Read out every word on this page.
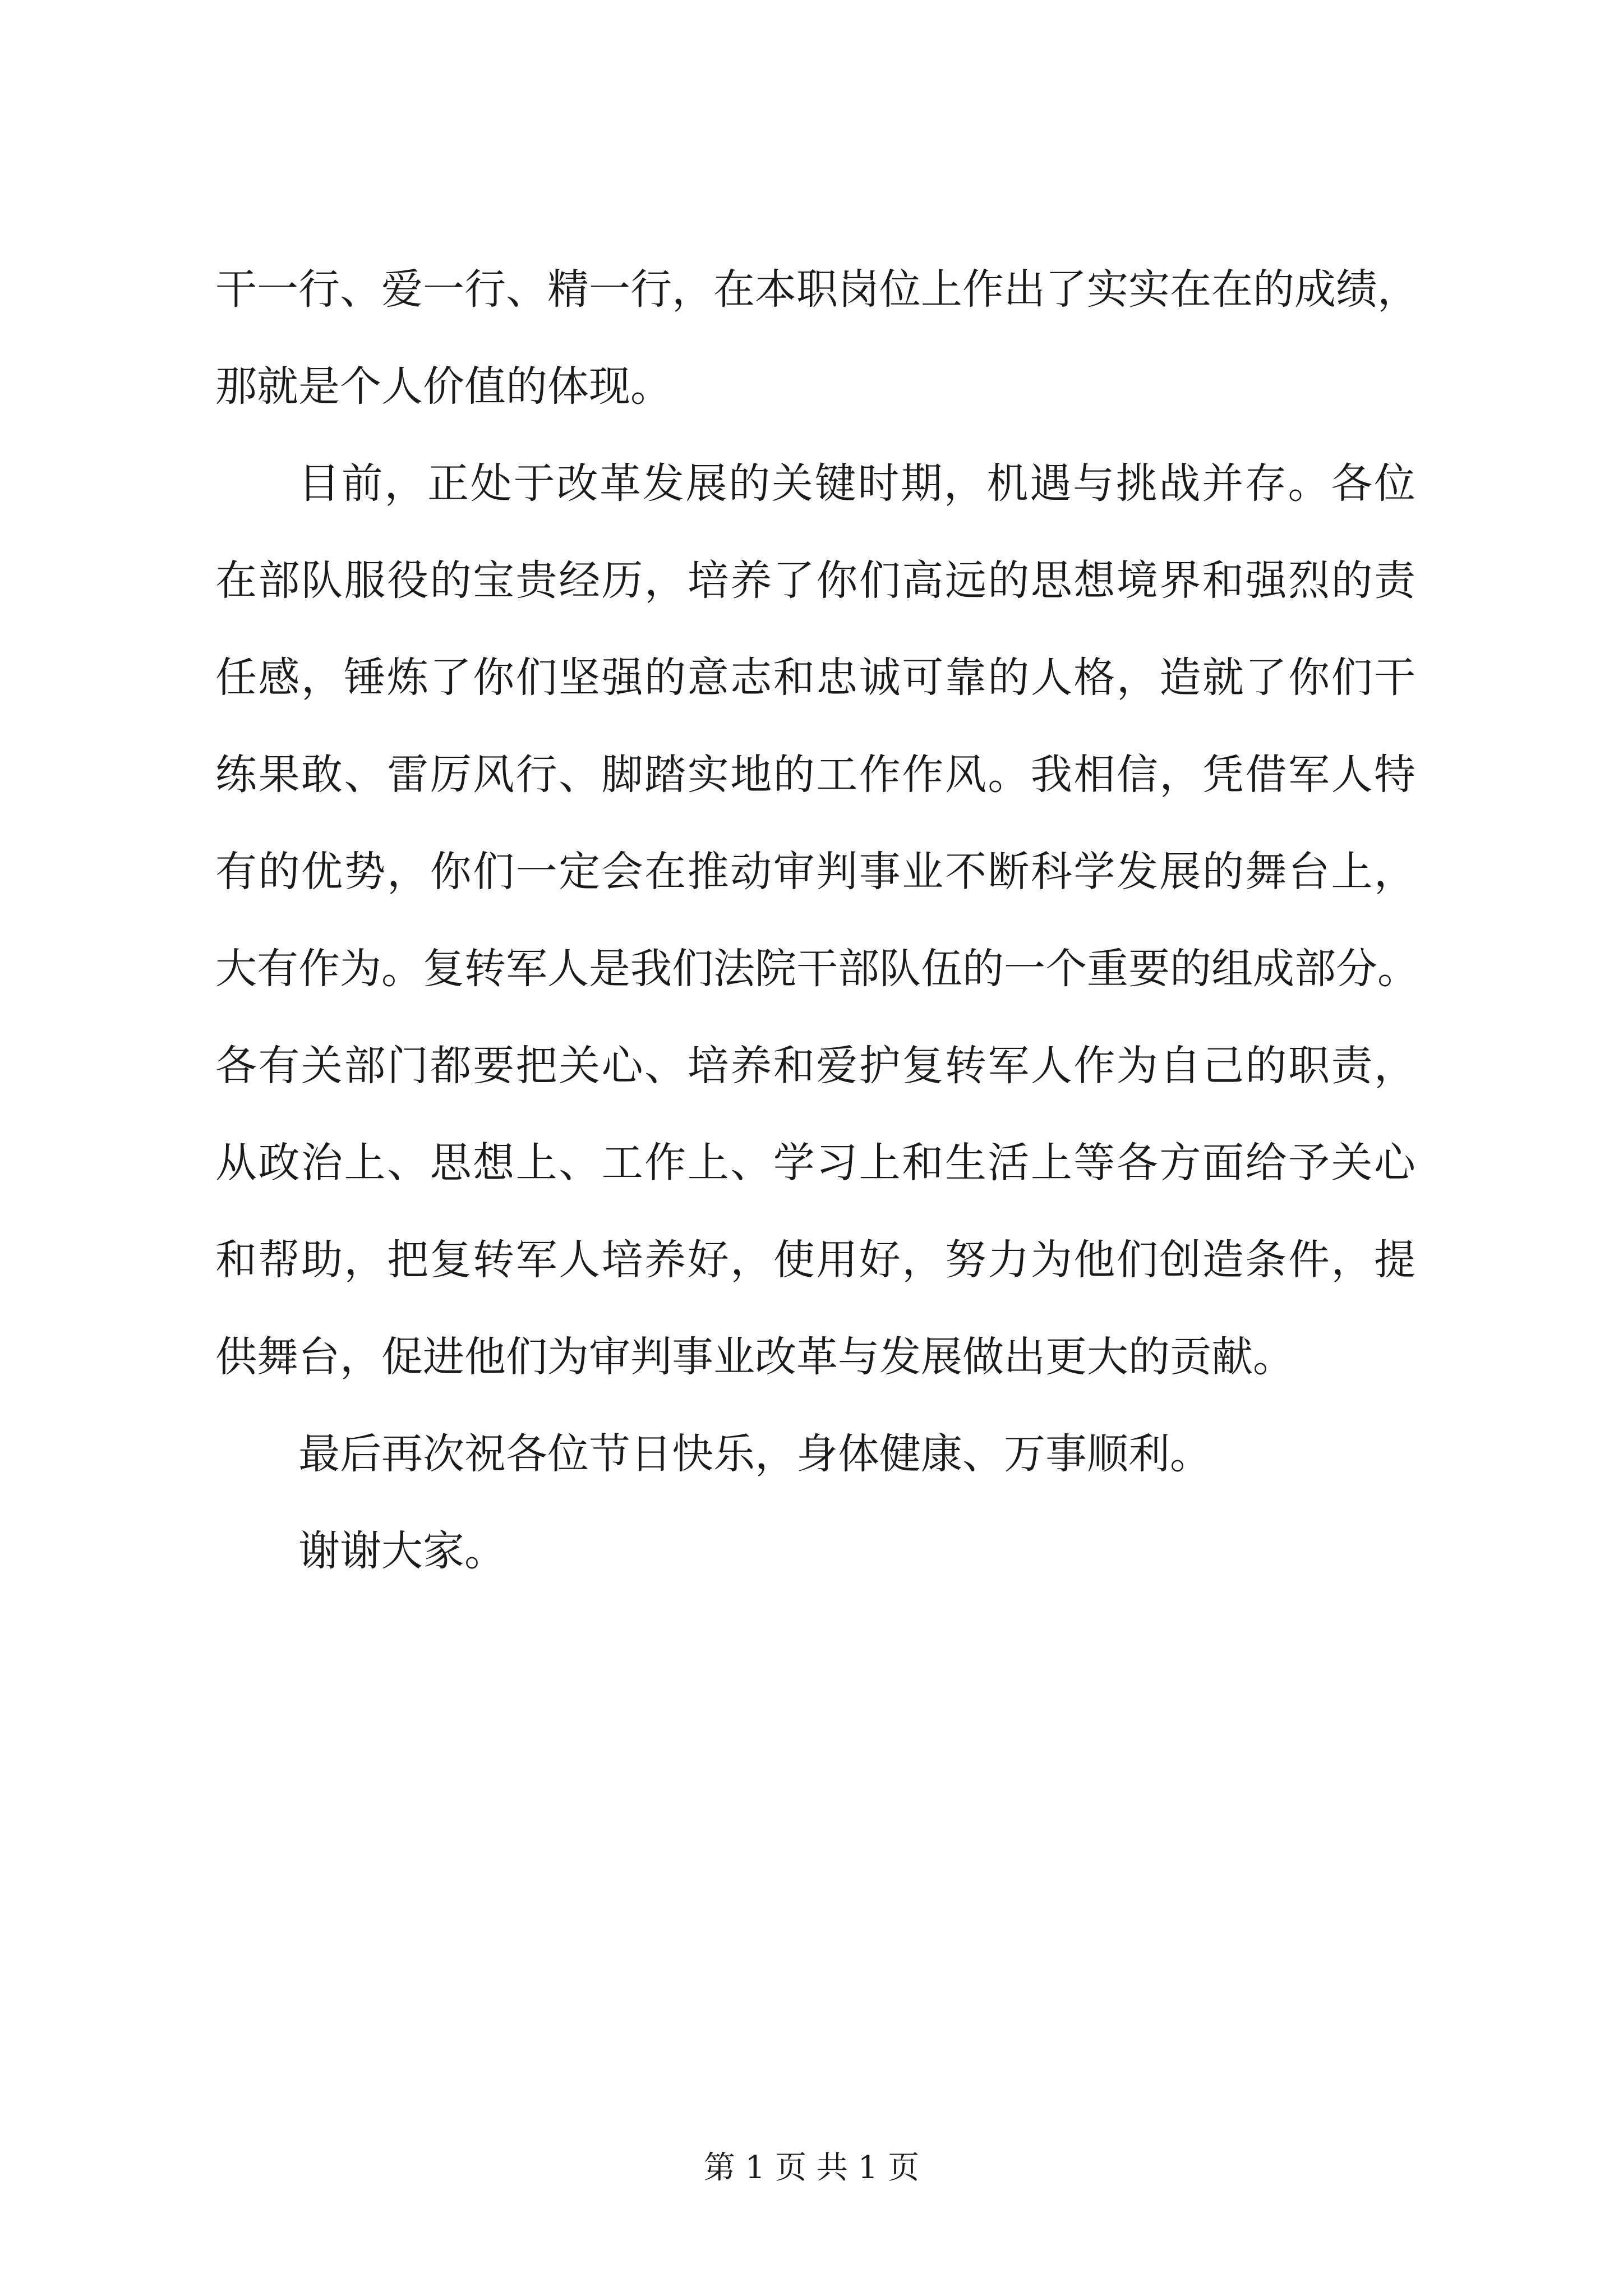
干一行、爱一行、精一行，在本职岗位上作出了实实在在的成绩，
那就是个人价值的体现。
目前，正处于改革发展的关键时期，机遇与挑战并存。各位
在部队服役的宝贵经历，培养了你们高远的思想境界和强烈的责
任感，锤炼了你们坚强的意志和忠诚可靠的人格，造就了你们干
练果敢、雷厉风行、脚踏实地的工作作风。我相信，凭借军人特
有的优势，你们一定会在推动审判事业不断科学发展的舞台上，
大有作为。复转军人是我们法院干部队伍的一个重要的组成部分。
各有关部门都要把关心、培养和爱护复转军人作为自己的职责，
从政治上、思想上、工作上、学习上和生活上等各方面给予关心
和帮助，把复转军人培养好，使用好，努力为他们创造条件，提
供舞台，促进他们为审判事业改革与发展做出更大的贡献。
最后再次祝各位节日快乐，身体健康、万事顺利。
谢谢大家。
第 1 页 共 1 页
